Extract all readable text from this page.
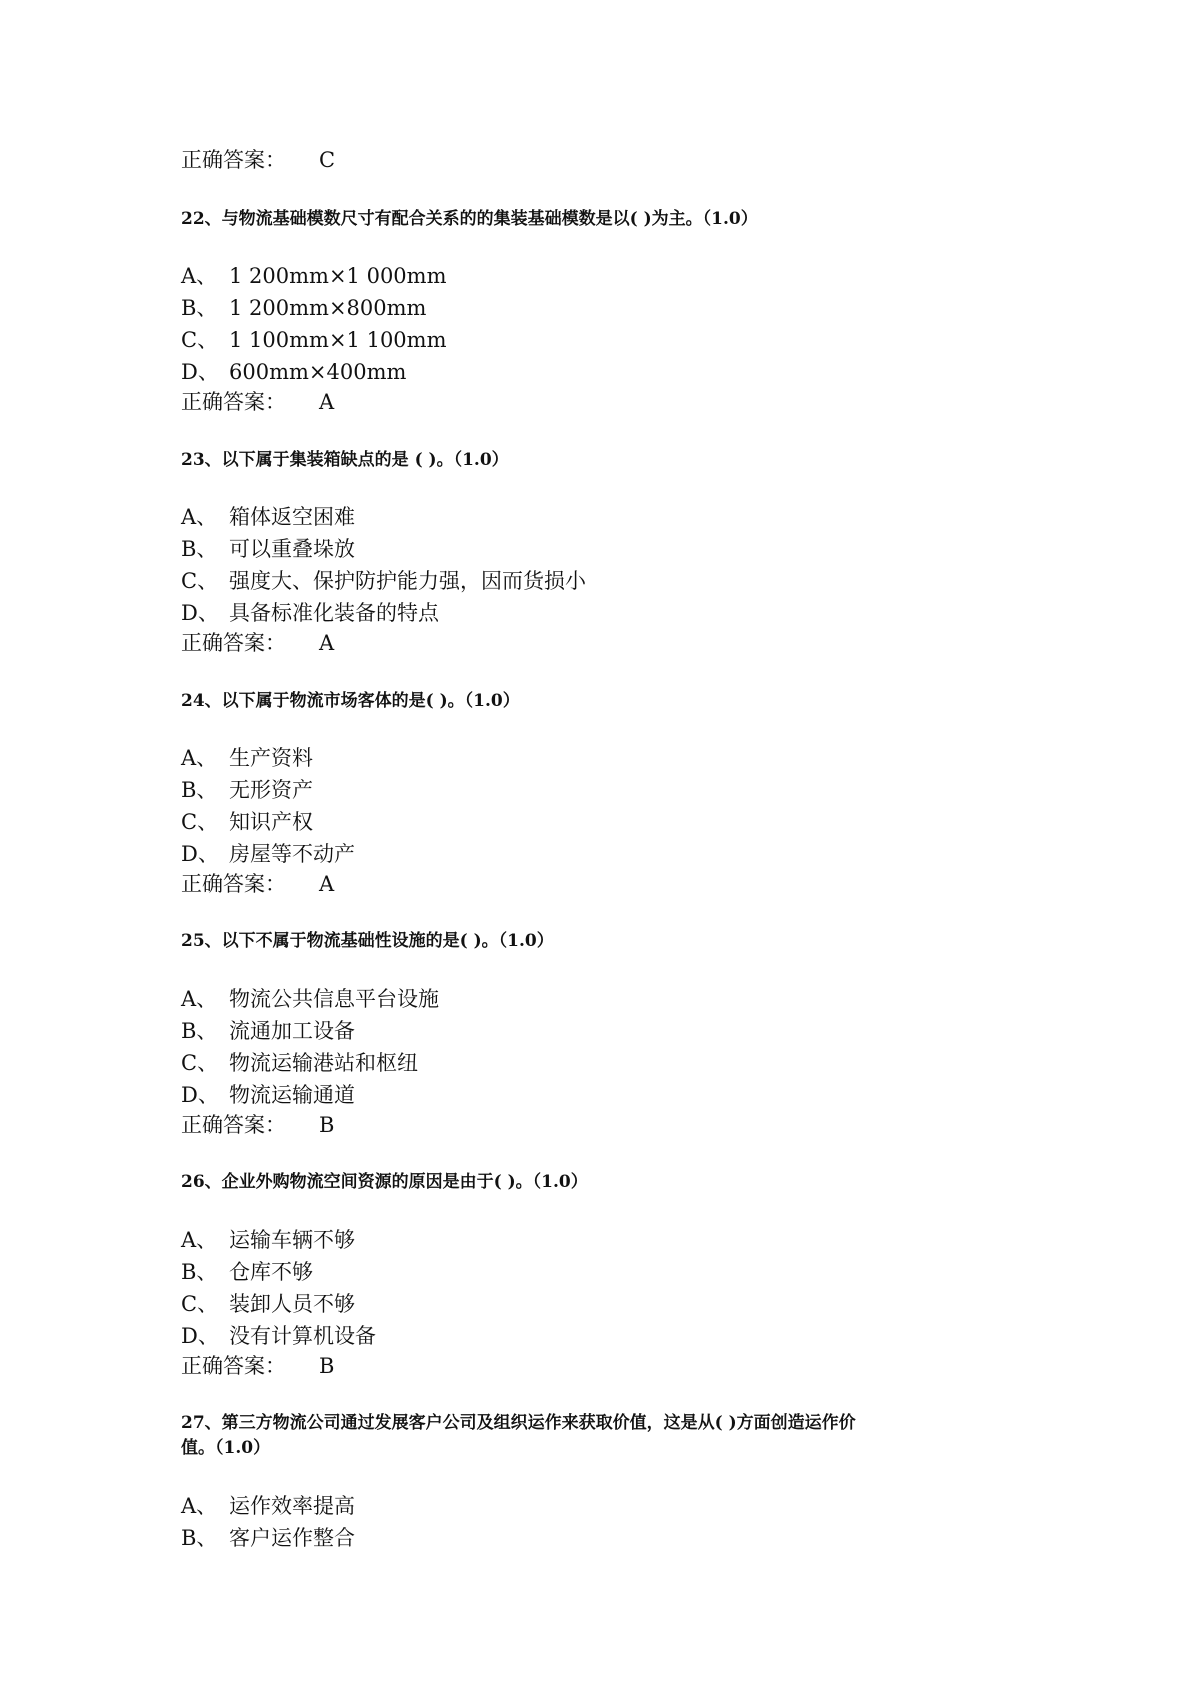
正确答案： C
22、与物流基础模数尺寸有配合关系的的集装基础模数是以( )为主。（1.0）
A、 1 200mm×1 000mm
B、 1 200mm×800mm
C、 1 100mm×1 100mm
D、 600mm×400mm
正确答案： A
23、以下属于集装箱缺点的是 ( )。（1.0）
A、 箱体返空困难
B、 可以重叠垛放
C、 强度大、保护防护能力强，因而货损小
D、 具备标准化装备的特点
正确答案： A
24、以下属于物流市场客体的是( )。（1.0）
A、 生产资料
B、 无形资产
C、 知识产权
D、 房屋等不动产
正确答案： A
25、以下不属于物流基础性设施的是( )。（1.0）
A、 物流公共信息平台设施
B、 流通加工设备
C、 物流运输港站和枢纽
D、 物流运输通道
正确答案： B
26、企业外购物流空间资源的原因是由于( )。（1.0）
A、 运输车辆不够
B、 仓库不够
C、 装卸人员不够
D、 没有计算机设备
正确答案： B
27、第三方物流公司通过发展客户公司及组织运作来获取价值，这是从( )方面创造运作价
值。（1.0）
A、 运作效率提高
B、 客户运作整合
